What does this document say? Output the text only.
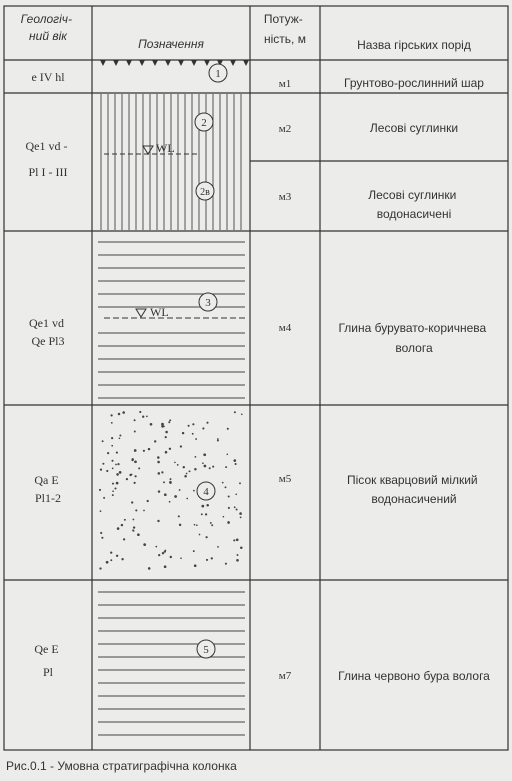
Геологіч- ний вік
Позначення
Потуж- ність, м	Назва гірських порід
WL
WL
1
2
2в
3
4
5
e IV hl
Qe1 vd - Pl I - III
Qe1 vd Qe Pl3
Qa E Pl1-2
Qe E Pl
м1
м2
м3
м4
м5
м7
Грунтово-рослинний шар
Лесові суглинки
Лесові суглинки водонасичені
Глина бурувато-коричнева волога
Пісок кварцовий мілкий водонасичений
Глина червоно бура волога
Рис.0.1 - Умовна стратиграфічна колонка
